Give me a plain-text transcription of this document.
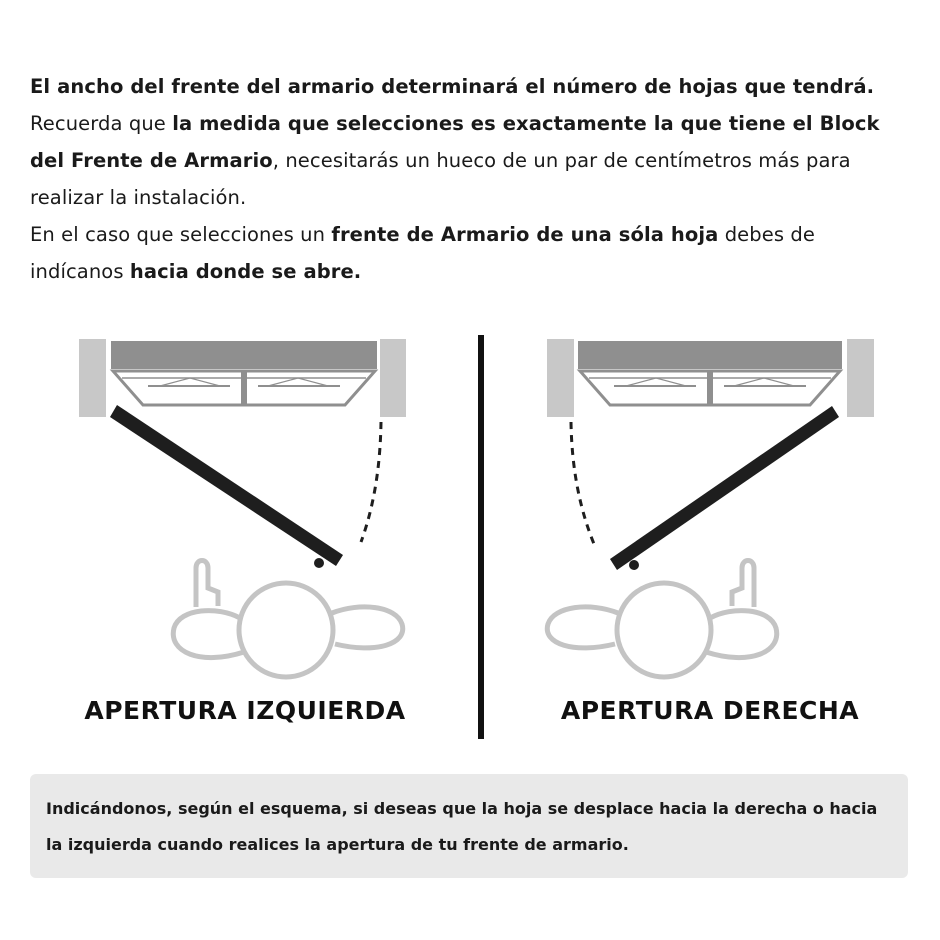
El ancho del frente del armario determinará el número de hojas que tendrá. Recuerda que la medida que selecciones es exactamente la que tiene el Block del Frente de Armario, necesitarás un hueco de un par de centímetros más para realizar la instalación.
En el caso que selecciones un frente de Armario de una sóla hoja debes de indícanos hacia donde se abre.
APERTURA IZQUIERDA	APERTURA DERECHA
Indicándonos, según el esquema, si deseas que la hoja se desplace hacia la derecha o hacia la izquierda cuando realices la apertura de tu frente de armario.
